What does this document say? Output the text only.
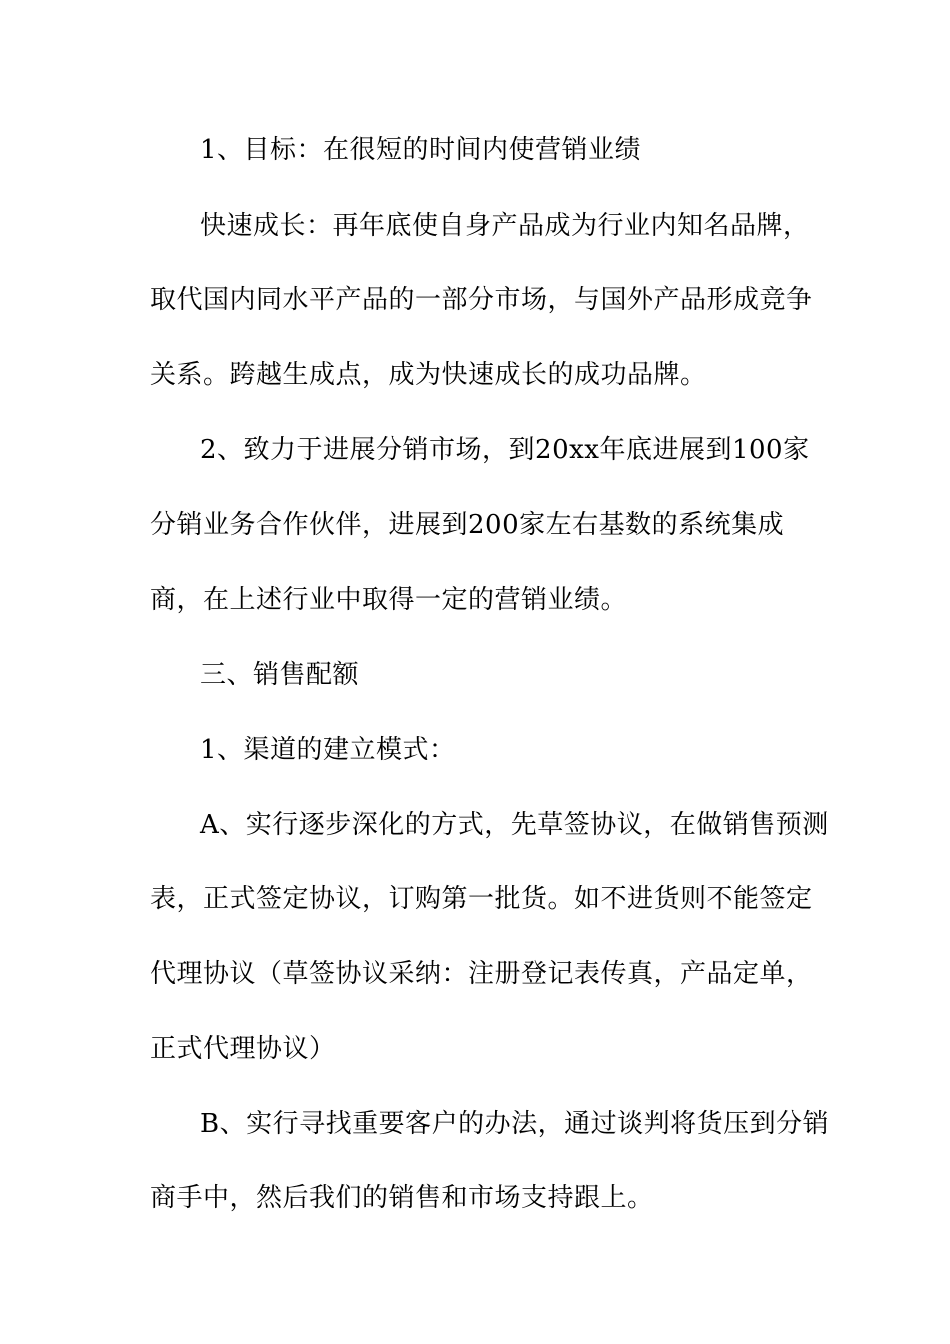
1、目标：在很短的时间内使营销业绩
快速成长：再年底使自身产品成为行业内知名品牌，
取代国内同水平产品的一部分市场，与国外产品形成竞争
关系。跨越生成点，成为快速成长的成功品牌。
2、致力于进展分销市场，到20xx年底进展到100家
分销业务合作伙伴，进展到200家左右基数的系统集成
商，在上述行业中取得一定的营销业绩。
三、销售配额
1、渠道的建立模式：
A、实行逐步深化的方式，先草签协议，在做销售预测
表，正式签定协议，订购第一批货。如不进货则不能签定
代理协议（草签协议采纳：注册登记表传真，产品定单，
正式代理协议）
B、实行寻找重要客户的办法，通过谈判将货压到分销
商手中，然后我们的销售和市场支持跟上。
